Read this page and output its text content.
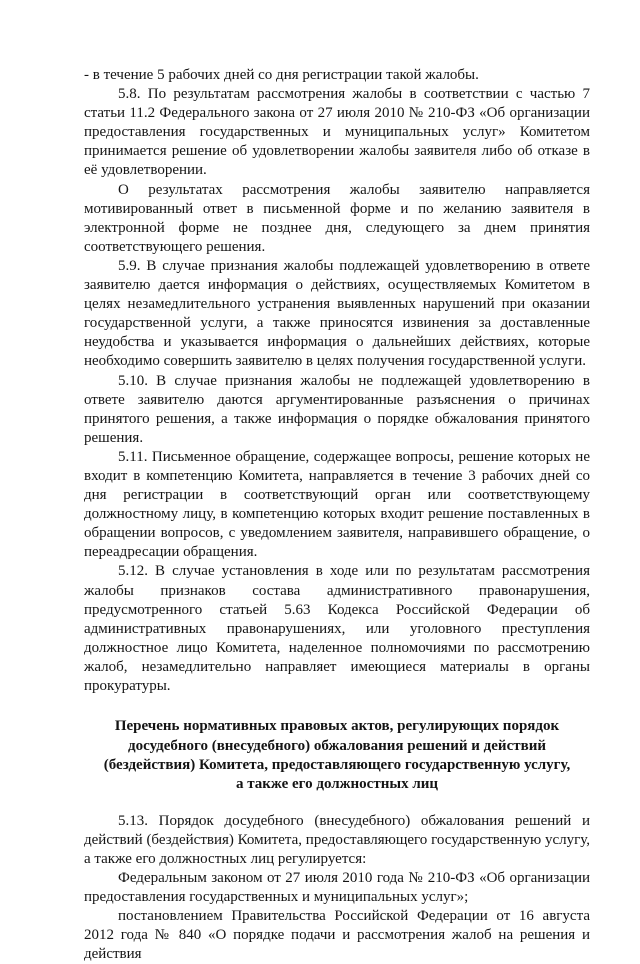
- в течение 5 рабочих дней со дня регистрации такой жалобы.

5.8. По результатам рассмотрения жалобы в соответствии с частью 7 статьи 11.2 Федерального закона от 27 июля 2010 № 210-ФЗ «Об организации предоставления государственных и муниципальных услуг» Комитетом принимается решение об удовлетворении жалобы заявителя либо об отказе в её удовлетворении.

О результатах рассмотрения жалобы заявителю направляется мотивированный ответ в письменной форме и по желанию заявителя в электронной форме не позднее дня, следующего за днем принятия соответствующего решения.

5.9. В случае признания жалобы подлежащей удовлетворению в ответе заявителю дается информация о действиях, осуществляемых Комитетом в целях незамедлительного устранения выявленных нарушений при оказании государственной услуги, а также приносятся извинения за доставленные неудобства и указывается информация о дальнейших действиях, которые необходимо совершить заявителю в целях получения государственной услуги.

5.10. В случае признания жалобы не подлежащей удовлетворению в ответе заявителю даются аргументированные разъяснения о причинах принятого решения, а также информация о порядке обжалования принятого решения.

5.11. Письменное обращение, содержащее вопросы, решение которых не входит в компетенцию Комитета, направляется в течение 3 рабочих дней со дня регистрации в соответствующий орган или соответствующему должностному лицу, в компетенцию которых входит решение поставленных в обращении вопросов, с уведомлением заявителя, направившего обращение, о переадресации обращения.

5.12. В случае установления в ходе или по результатам рассмотрения жалобы признаков состава административного правонарушения, предусмотренного статьей 5.63 Кодекса Российской Федерации об административных правонарушениях, или уголовного преступления должностное лицо Комитета, наделенное полномочиями по рассмотрению жалоб, незамедлительно направляет имеющиеся материалы в органы прокуратуры.

Перечень нормативных правовых актов, регулирующих порядок
досудебного (внесудебного) обжалования решений и действий
(бездействия) Комитета, предоставляющего государственную услугу,
а также его должностных лиц

5.13. Порядок досудебного (внесудебного) обжалования решений и действий (бездействия) Комитета, предоставляющего государственную услугу, а также его должностных лиц регулируется:

Федеральным законом от 27 июля 2010 года № 210-ФЗ «Об организации предоставления государственных и муниципальных услуг»;

постановлением Правительства Российской Федерации от 16 августа 2012 года № 840 «О порядке подачи и рассмотрения жалоб на решения и действия
